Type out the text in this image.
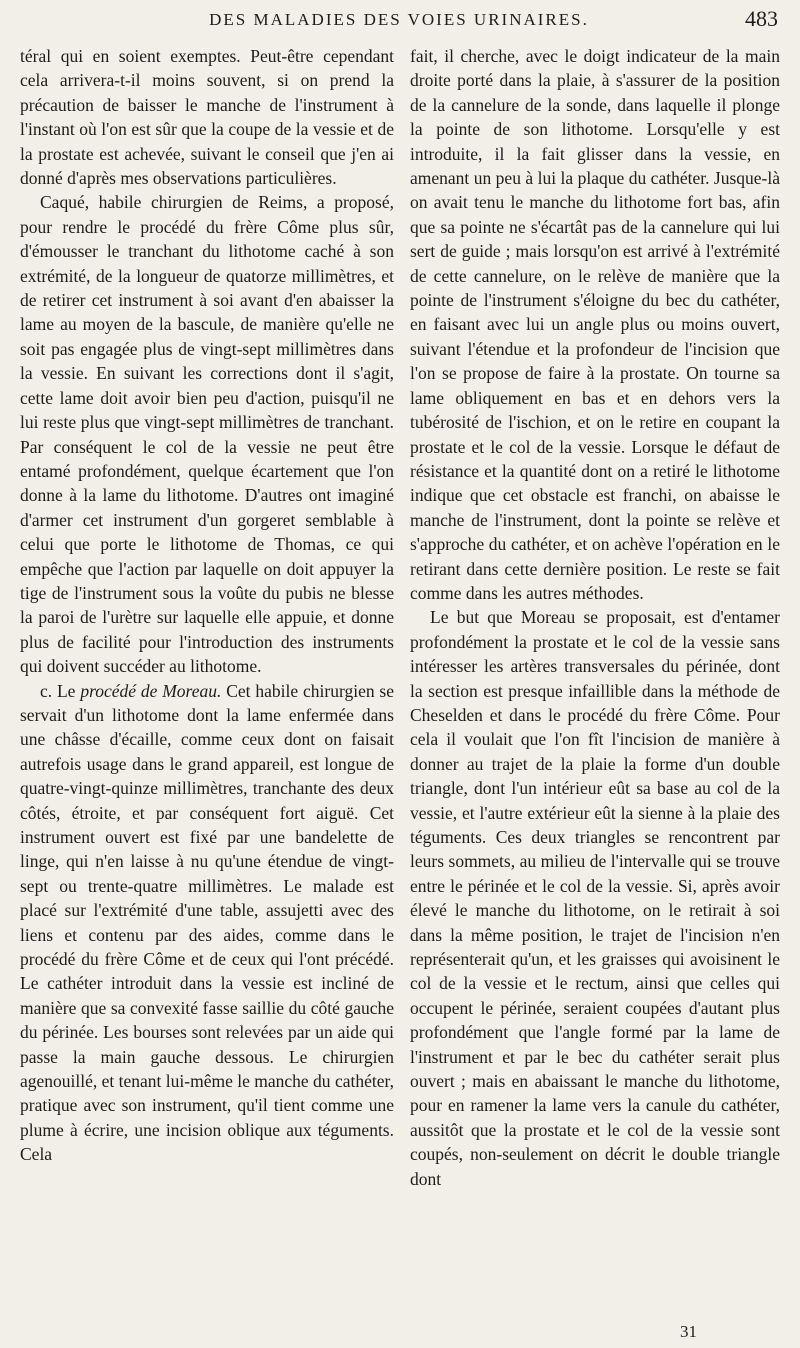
DES MALADIES DES VOIES URINAIRES.	483

téral qui en soient exemptes. Peut-être cependant cela arrivera-t-il moins souvent, si on prend la précaution de baisser le manche de l'instrument à l'instant où l'on est sûr que la coupe de la vessie et de la prostate est achevée, suivant le conseil que j'en ai donné d'après mes observations particulières.

Caqué, habile chirurgien de Reims, a proposé, pour rendre le procédé du frère Côme plus sûr, d'émousser le tranchant du lithotome caché à son extrémité, de la longueur de quatorze millimètres, et de retirer cet instrument à soi avant d'en abaisser la lame au moyen de la bascule, de manière qu'elle ne soit pas engagée plus de vingt-sept millimètres dans la vessie. En suivant les corrections dont il s'agit, cette lame doit avoir bien peu d'action, puisqu'il ne lui reste plus que vingt-sept millimètres de tranchant. Par conséquent le col de la vessie ne peut être entamé profondément, quelque écartement que l'on donne à la lame du lithotome. D'autres ont imaginé d'armer cet instrument d'un gorgeret semblable à celui que porte le lithotome de Thomas, ce qui empêche que l'action par laquelle on doit appuyer la tige de l'instrument sous la voûte du pubis ne blesse la paroi de l'urètre sur laquelle elle appuie, et donne plus de facilité pour l'introduction des instruments qui doivent succéder au lithotome.

c. Le procédé de Moreau. Cet habile chirurgien se servait d'un lithotome dont la lame enfermée dans une châsse d'écaille, comme ceux dont on faisait autrefois usage dans le grand appareil, est longue de quatre-vingt-quinze millimètres, tranchante des deux côtés, étroite, et par conséquent fort aiguë. Cet instrument ouvert est fixé par une bandelette de linge, qui n'en laisse à nu qu'une étendue de vingt-sept ou trente-quatre millimètres. Le malade est placé sur l'extrémité d'une table, assujetti avec des liens et contenu par des aides, comme dans le procédé du frère Côme et de ceux qui l'ont précédé. Le cathéter introduit dans la vessie est incliné de manière que sa convexité fasse saillie du côté gauche du périnée. Les bourses sont relevées par un aide qui passe la main gauche dessous. Le chirurgien agenouillé, et tenant lui-même le manche du cathéter, pratique avec son instrument, qu'il tient comme une plume à écrire, une incision oblique aux téguments. Cela

fait, il cherche, avec le doigt indicateur de la main droite porté dans la plaie, à s'assurer de la position de la cannelure de la sonde, dans laquelle il plonge la pointe de son lithotome. Lorsqu'elle y est introduite, il la fait glisser dans la vessie, en amenant un peu à lui la plaque du cathéter. Jusque-là on avait tenu le manche du lithotome fort bas, afin que sa pointe ne s'écartât pas de la cannelure qui lui sert de guide ; mais lorsqu'on est arrivé à l'extrémité de cette cannelure, on le relève de manière que la pointe de l'instrument s'éloigne du bec du cathéter, en faisant avec lui un angle plus ou moins ouvert, suivant l'étendue et la profondeur de l'incision que l'on se propose de faire à la prostate. On tourne sa lame obliquement en bas et en dehors vers la tubérosité de l'ischion, et on le retire en coupant la prostate et le col de la vessie. Lorsque le défaut de résistance et la quantité dont on a retiré le lithotome indique que cet obstacle est franchi, on abaisse le manche de l'instrument, dont la pointe se relève et s'approche du cathéter, et on achève l'opération en le retirant dans cette dernière position. Le reste se fait comme dans les autres méthodes.

Le but que Moreau se proposait, est d'entamer profondément la prostate et le col de la vessie sans intéresser les artères transversales du périnée, dont la section est presque infaillible dans la méthode de Cheselden et dans le procédé du frère Côme. Pour cela il voulait que l'on fît l'incision de manière à donner au trajet de la plaie la forme d'un double triangle, dont l'un intérieur eût sa base au col de la vessie, et l'autre extérieur eût la sienne à la plaie des téguments. Ces deux triangles se rencontrent par leurs sommets, au milieu de l'intervalle qui se trouve entre le périnée et le col de la vessie. Si, après avoir élevé le manche du lithotome, on le retirait à soi dans la même position, le trajet de l'incision n'en représenterait qu'un, et les graisses qui avoisinent le col de la vessie et le rectum, ainsi que celles qui occupent le périnée, seraient coupées d'autant plus profondément que l'angle formé par la lame de l'instrument et par le bec du cathéter serait plus ouvert ; mais en abaissant le manche du lithotome, pour en ramener la lame vers la canule du cathéter, aussitôt que la prostate et le col de la vessie sont coupés, non-seulement on décrit le double triangle dont

31
